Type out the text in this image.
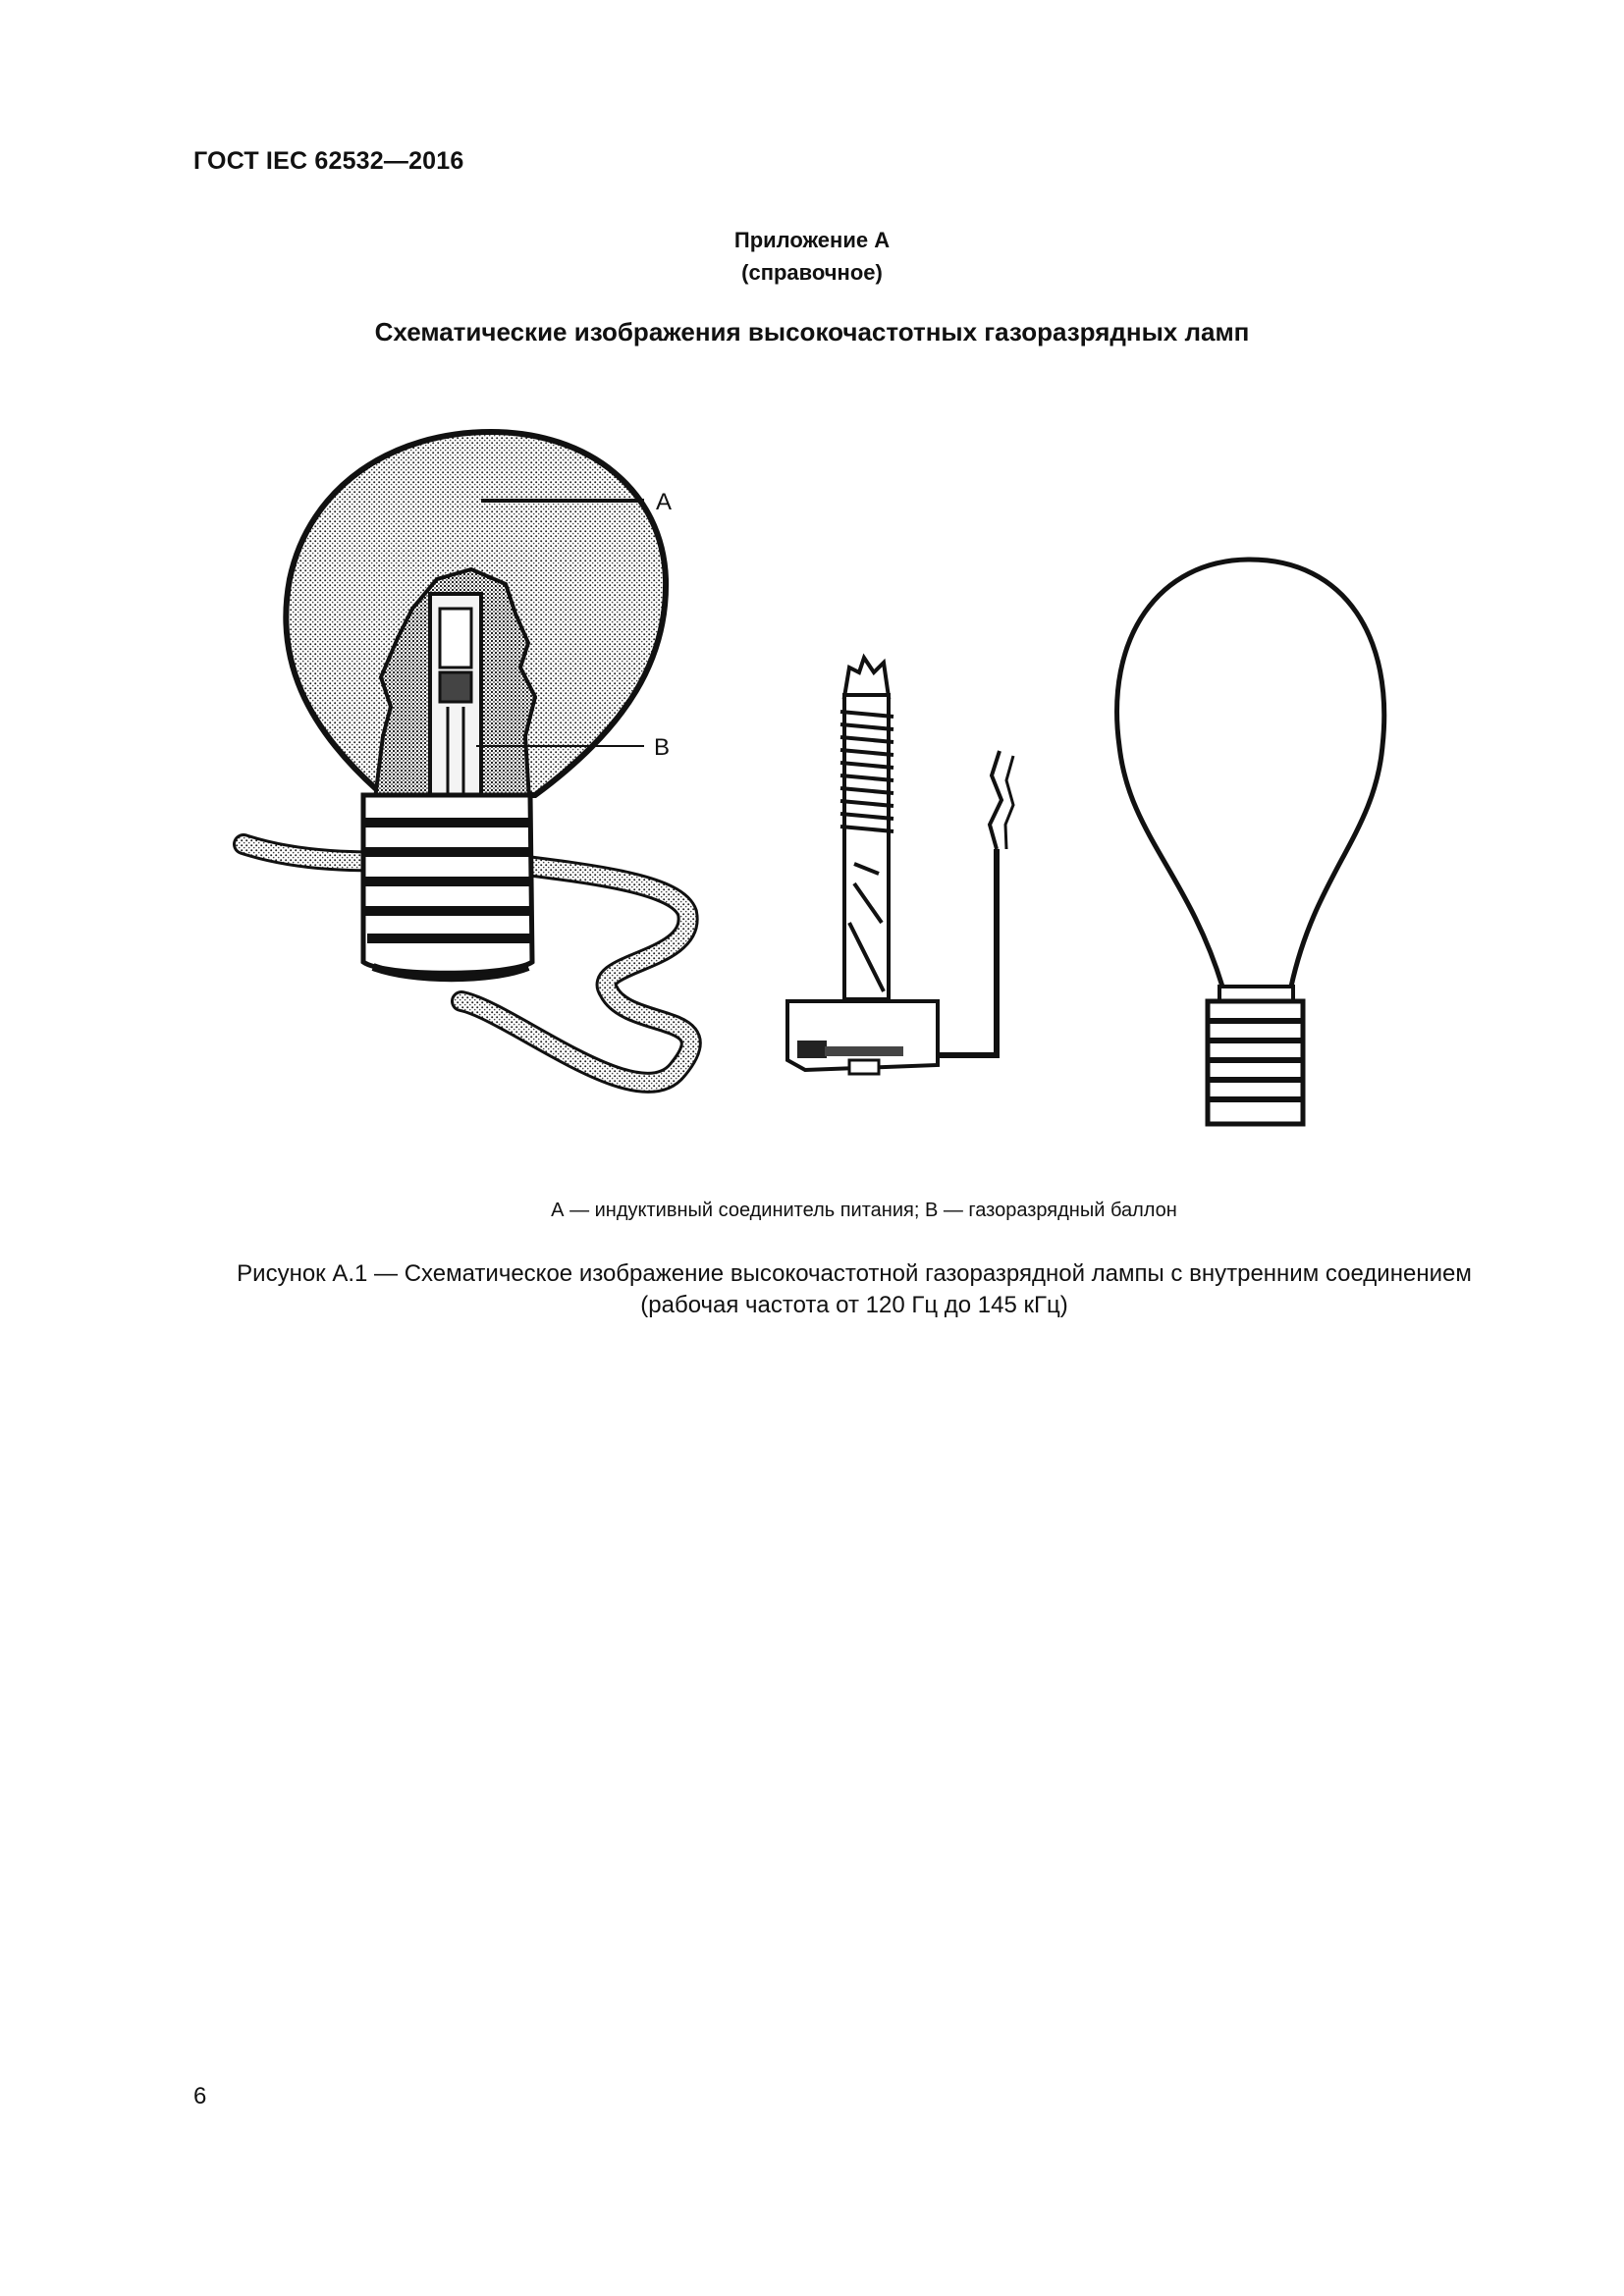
ГОСТ IEC 62532—2016
Приложение А
(справочное)
Схематические изображения высокочастотных газоразрядных ламп
A
B
А — индуктивный соединитель питания; В — газоразрядный баллон
Рисунок А.1 — Схематическое изображение высокочастотной газоразрядной лампы с внутренним соединением
(рабочая частота от 120 Гц до 145 кГц)
6
